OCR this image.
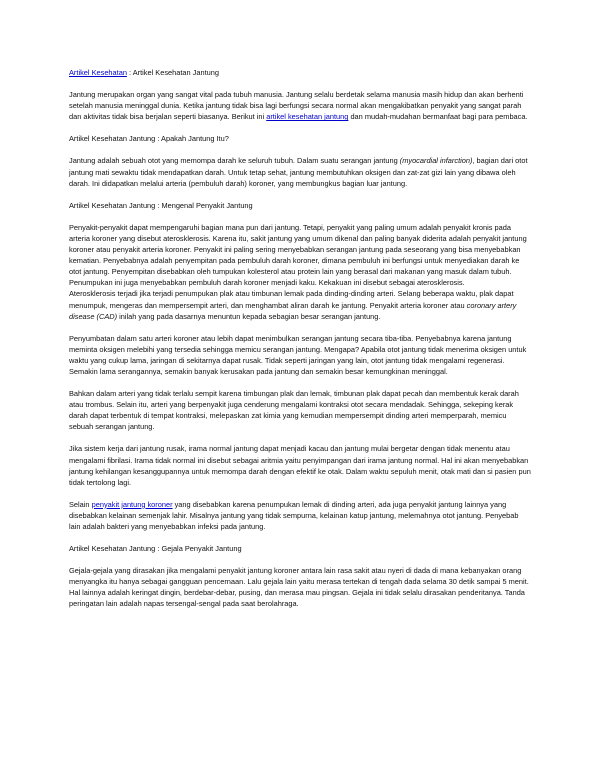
Artikel Kesehatan : Artikel Kesehatan Jantung

Jantung merupakan organ yang sangat vital pada tubuh manusia. Jantung selalu berdetak selama manusia masih hidup dan akan berhenti setelah manusia meninggal dunia. Ketika jantung tidak bisa lagi berfungsi secara normal akan mengakibatkan penyakit yang sangat parah dan aktivitas tidak bisa berjalan seperti biasanya. Berikut ini artikel kesehatan jantung dan mudah-mudahan bermanfaat bagi para pembaca.

Artikel Kesehatan Jantung : Apakah Jantung Itu?

Jantung adalah sebuah otot yang memompa darah ke seluruh tubuh. Dalam suatu serangan jantung (myocardial infarction), bagian dari otot jantung mati sewaktu tidak mendapatkan darah. Untuk tetap sehat, jantung membutuhkan oksigen dan zat-zat gizi lain yang dibawa oleh darah. Ini didapatkan melalui arteria (pembuluh darah) koroner, yang membungkus bagian luar jantung.

Artikel Kesehatan Jantung : Mengenal Penyakit Jantung

Penyakit-penyakit dapat mempengaruhi bagian mana pun dari jantung. Tetapi, penyakit yang paling umum adalah penyakit kronis pada arteria koroner yang disebut aterosklerosis. Karena itu, sakit jantung yang umum dikenal dan paling banyak diderita adalah penyakit jantung koroner atau penyakit arteria koroner. Penyakit ini paling sering menyebabkan serangan jantung pada seseorang yang bisa menyebabkan kematian. Penyebabnya adalah penyempitan pada pembuluh darah koroner, dimana pembuluh ini berfungsi untuk menyediakan darah ke otot jantung. Penyempitan disebabkan oleh tumpukan kolesterol atau protein lain yang berasal dari makanan yang masuk dalam tubuh. Penumpukan ini juga menyebabkan pembuluh darah koroner menjadi kaku. Kekakuan ini disebut sebagai aterosklerosis.

Aterosklerosis terjadi jika terjadi penumpukan plak atau timbunan lemak pada dinding-dinding arteri. Selang beberapa waktu, plak dapat menumpuk, mengeras dan mempersempit arteri, dan menghambat aliran darah ke jantung. Penyakit arteria koroner atau coronary artery disease (CAD) inilah yang pada dasarnya menuntun kepada sebagian besar serangan jantung.

Penyumbatan dalam satu arteri koroner atau lebih dapat menimbulkan serangan jantung secara tiba-tiba. Penyebabnya karena jantung meminta oksigen melebihi yang tersedia sehingga memicu serangan jantung. Mengapa? Apabila otot jantung tidak menerima oksigen untuk waktu yang cukup lama, jaringan di sekitarnya dapat rusak. Tidak seperti jaringan yang lain, otot jantung tidak mengalami regenerasi. Semakin lama serangannya, semakin banyak kerusakan pada jantung dan semakin besar kemungkinan meninggal.

Bahkan dalam arteri yang tidak terlalu sempit karena timbungan plak dan lemak, timbunan plak dapat pecah dan membentuk kerak darah atau trombus. Selain itu, arteri yang berpenyakit juga cenderung mengalami kontraksi otot secara mendadak. Sehingga, sekeping kerak darah dapat terbentuk di tempat kontraksi, melepaskan zat kimia yang kemudian mempersempit dinding arteri memperparah, memicu sebuah serangan jantung.

Jika sistem kerja dari jantung rusak, irama normal jantung dapat menjadi kacau dan jantung mulai bergetar dengan tidak menentu atau mengalami fibrilasi. Irama tidak normal ini disebut sebagai aritmia yaitu penyimpangan dari irama jantung normal. Hal ini akan menyebabkan jantung kehilangan kesanggupannya untuk memompa darah dengan efektif ke otak. Dalam waktu sepuluh menit, otak mati dan si pasien pun tidak tertolong lagi.

Selain penyakit jantung koroner yang disebabkan karena penumpukan lemak di dinding arteri, ada juga penyakit jantung lainnya yang disebabkan kelainan semenjak lahir. Misalnya jantung yang tidak sempurna, kelainan katup jantung, melemahnya otot jantung. Penyebab lain adalah bakteri yang menyebabkan infeksi pada jantung.

Artikel Kesehatan Jantung : Gejala Penyakit Jantung

Gejala-gejala yang dirasakan jika mengalami penyakit jantung koroner antara lain rasa sakit atau nyeri di dada di mana kebanyakan orang menyangka itu hanya sebagai gangguan pencernaan. Lalu gejala lain yaitu merasa tertekan di tengah dada selama 30 detik sampai 5 menit. Hal lainnya adalah keringat dingin, berdebar-debar, pusing, dan merasa mau pingsan. Gejala ini tidak selalu dirasakan penderitanya. Tanda peringatan lain adalah napas tersengal-sengal pada saat berolahraga.
